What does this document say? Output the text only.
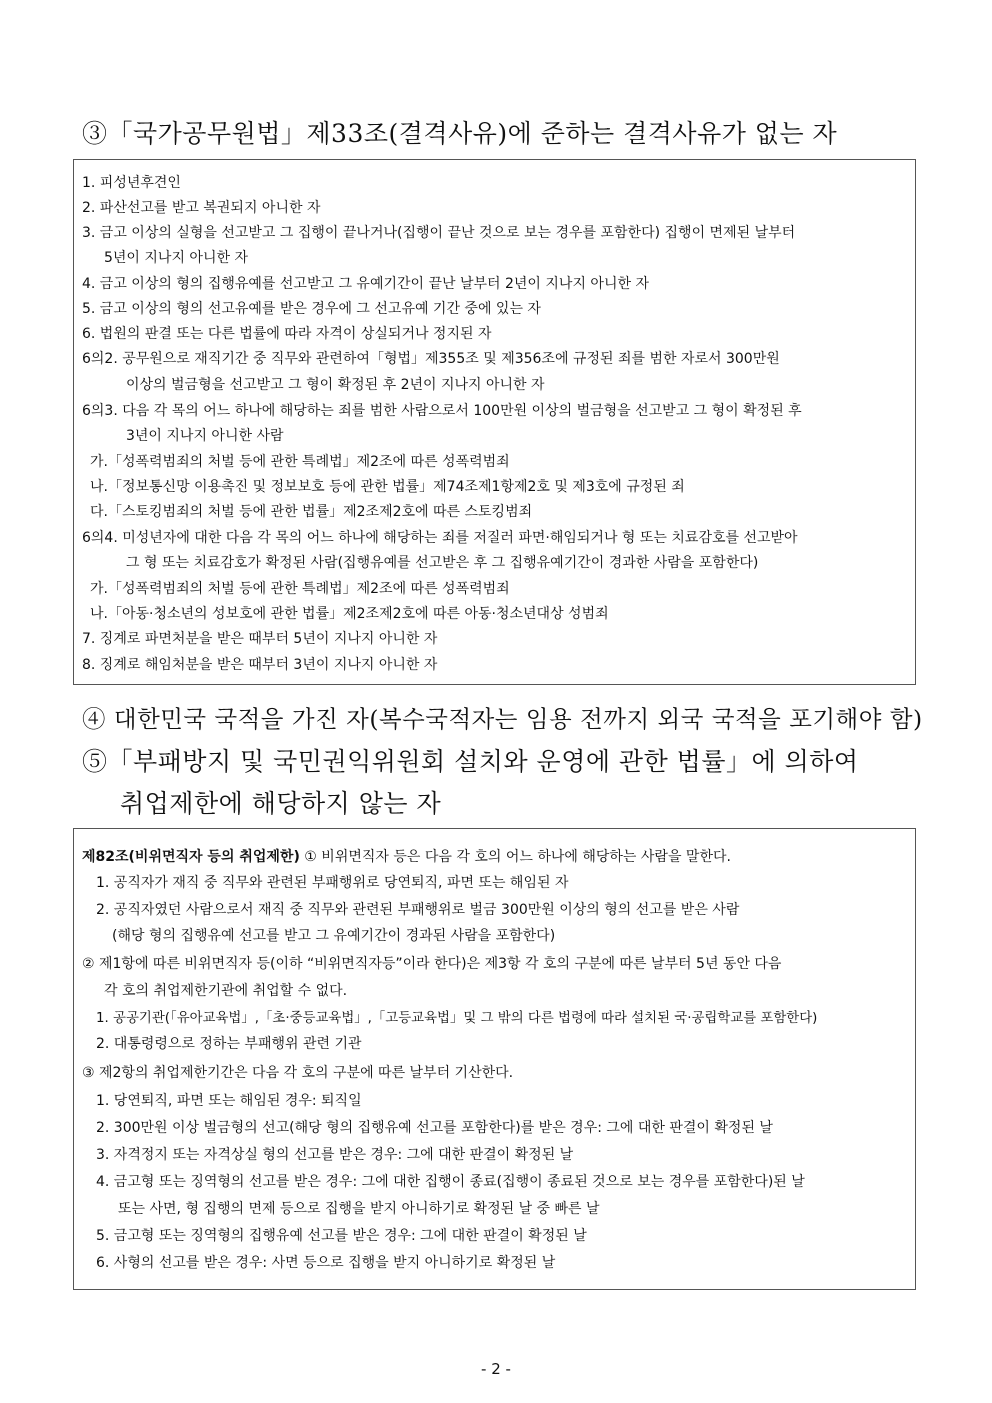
③「국가공무원법」제33조(결격사유)에 준하는 결격사유가 없는 자
1. 피성년후견인
2. 파산선고를 받고 복권되지 아니한 자
3. 금고 이상의 실형을 선고받고 그 집행이 끝나거나(집행이 끝난 것으로 보는 경우를 포함한다) 집행이 면제된 날부터
5년이 지나지 아니한 자
4. 금고 이상의 형의 집행유예를 선고받고 그 유예기간이 끝난 날부터 2년이 지나지 아니한 자
5. 금고 이상의 형의 선고유예를 받은 경우에 그 선고유예 기간 중에 있는 자
6. 법원의 판결 또는 다른 법률에 따라 자격이 상실되거나 정지된 자
6의2. 공무원으로 재직기간 중 직무와 관련하여「형법」제355조 및 제356조에 규정된 죄를 범한 자로서 300만원
이상의 벌금형을 선고받고 그 형이 확정된 후 2년이 지나지 아니한 자
6의3. 다음 각 목의 어느 하나에 해당하는 죄를 범한 사람으로서 100만원 이상의 벌금형을 선고받고 그 형이 확정된 후
3년이 지나지 아니한 사람
가.「성폭력범죄의 처벌 등에 관한 특례법」제2조에 따른 성폭력범죄
나.「정보통신망 이용촉진 및 정보보호 등에 관한 법률」제74조제1항제2호 및 제3호에 규정된 죄
다.「스토킹범죄의 처벌 등에 관한 법률」제2조제2호에 따른 스토킹범죄
6의4. 미성년자에 대한 다음 각 목의 어느 하나에 해당하는 죄를 저질러 파면·해임되거나 형 또는 치료감호를 선고받아
그 형 또는 치료감호가 확정된 사람(집행유예를 선고받은 후 그 집행유예기간이 경과한 사람을 포함한다)
가.「성폭력범죄의 처벌 등에 관한 특례법」제2조에 따른 성폭력범죄
나.「아동·청소년의 성보호에 관한 법률」제2조제2호에 따른 아동·청소년대상 성범죄
7. 징계로 파면처분을 받은 때부터 5년이 지나지 아니한 자
8. 징계로 해임처분을 받은 때부터 3년이 지나지 아니한 자
④ 대한민국 국적을 가진 자(복수국적자는 임용 전까지 외국 국적을 포기해야 함)
⑤「부패방지 및 국민권익위원회 설치와 운영에 관한 법률」에 의하여
취업제한에 해당하지 않는 자
제82조(비위면직자 등의 취업제한) ① 비위면직자 등은 다음 각 호의 어느 하나에 해당하는 사람을 말한다.
1. 공직자가 재직 중 직무와 관련된 부패행위로 당연퇴직, 파면 또는 해임된 자
2. 공직자였던 사람으로서 재직 중 직무와 관련된 부패행위로 벌금 300만원 이상의 형의 선고를 받은 사람
(해당 형의 집행유예 선고를 받고 그 유예기간이 경과된 사람을 포함한다)
② 제1항에 따른 비위면직자 등(이하 “비위면직자등”이라 한다)은 제3항 각 호의 구분에 따른 날부터 5년 동안 다음
각 호의 취업제한기관에 취업할 수 없다.
1. 공공기관(「유아교육법」,「초·중등교육법」,「고등교육법」및 그 밖의 다른 법령에 따라 설치된 국·공립학교를 포함한다)
2. 대통령령으로 정하는 부패행위 관련 기관
③ 제2항의 취업제한기간은 다음 각 호의 구분에 따른 날부터 기산한다.
1. 당연퇴직, 파면 또는 해임된 경우: 퇴직일
2. 300만원 이상 벌금형의 선고(해당 형의 집행유예 선고를 포함한다)를 받은 경우: 그에 대한 판결이 확정된 날
3. 자격정지 또는 자격상실 형의 선고를 받은 경우: 그에 대한 판결이 확정된 날
4. 금고형 또는 징역형의 선고를 받은 경우: 그에 대한 집행이 종료(집행이 종료된 것으로 보는 경우를 포함한다)된 날
또는 사면, 형 집행의 면제 등으로 집행을 받지 아니하기로 확정된 날 중 빠른 날
5. 금고형 또는 징역형의 집행유예 선고를 받은 경우: 그에 대한 판결이 확정된 날
6. 사형의 선고를 받은 경우: 사면 등으로 집행을 받지 아니하기로 확정된 날
- 2 -
